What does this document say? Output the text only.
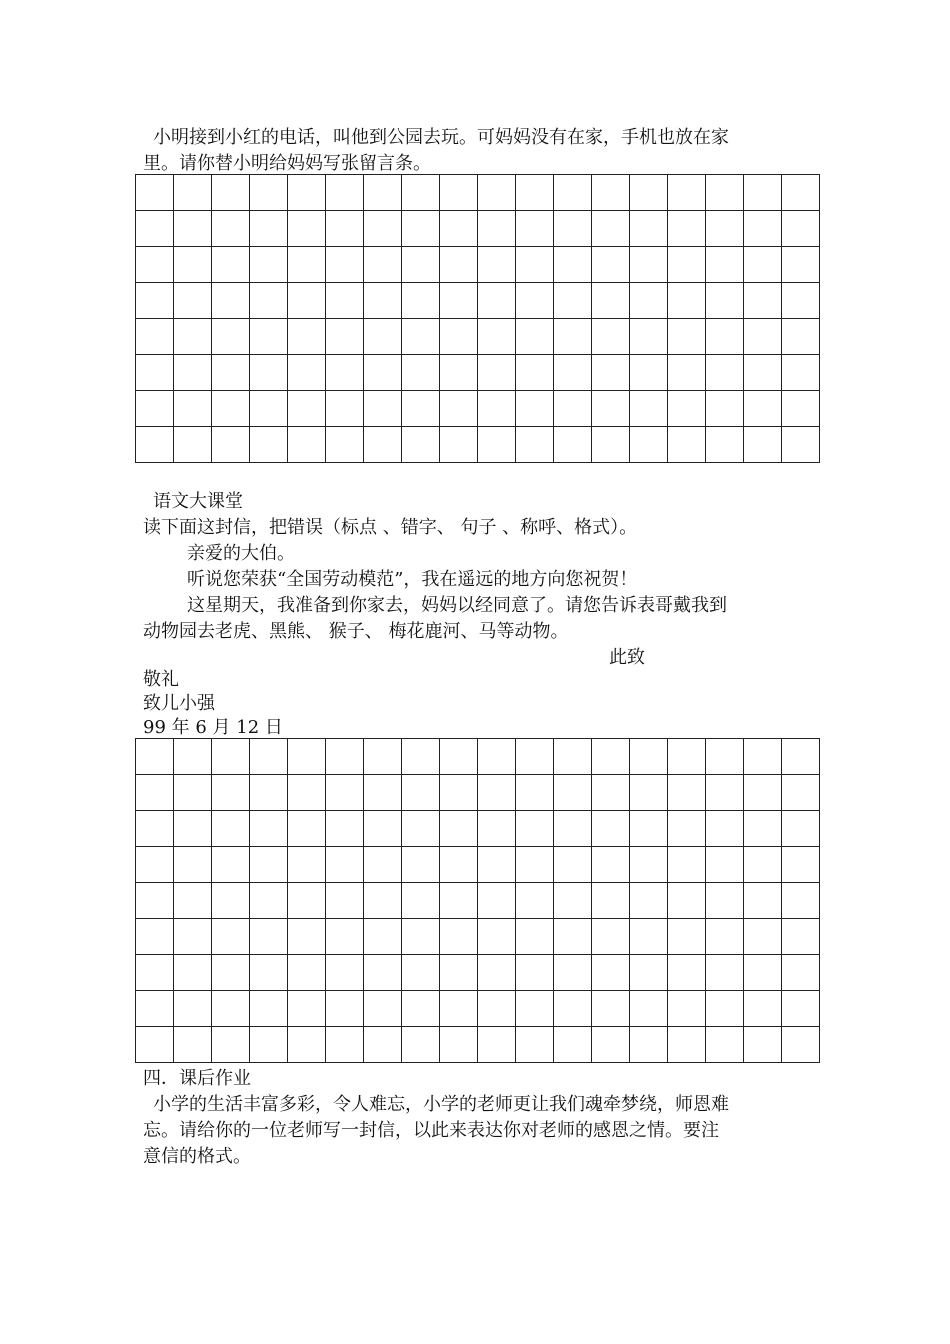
小明接到小红的电话，叫他到公园去玩。可妈妈没有在家，手机也放在家

里。请你替小明给妈妈写张留言条。

语文大课堂

读下面这封信，把错误（标点 、错字、 句子 、称呼、格式）。

亲爱的大伯。

听说您荣获“全国劳动模范”，我在遥远的地方向您祝贺！

这星期天，我准备到你家去，妈妈以经同意了。请您告诉表哥戴我到

动物园去老虎、黑熊、 猴子、 梅花鹿河、马等动物。

此致

敬礼

致儿小强

99 年 6 月 12 日

四．课后作业

小学的生活丰富多彩，令人难忘，小学的老师更让我们魂牵梦绕，师恩难

忘。请给你的一位老师写一封信，以此来表达你对老师的感恩之情。要注

意信的格式。
